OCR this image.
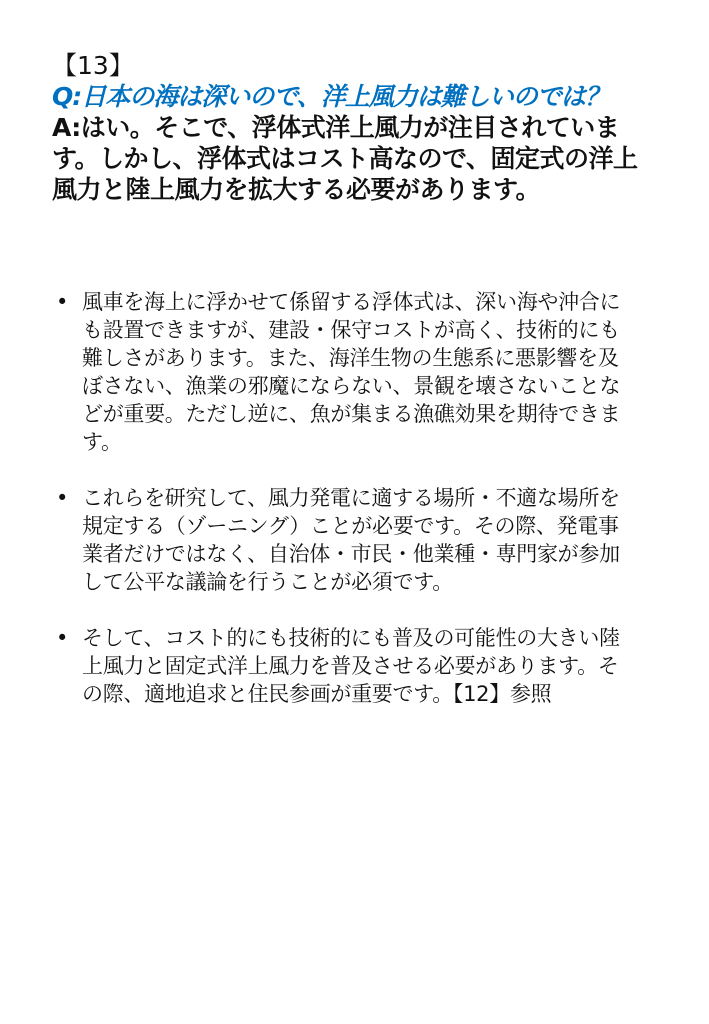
【13】

Q:日本の海は深いので、洋上風力は難しいのでは？

A:はい。そこで、浮体式洋上風力が注目されています。しかし、浮体式はコスト高なので、固定式の洋上風力と陸上風力を拡大する必要があります。

• 風車を海上に浮かせて係留する浮体式は、深い海や沖合にも設置できますが、建設・保守コストが高く、技術的にも難しさがあります。また、海洋生物の生態系に悪影響を及ぼさない、漁業の邪魔にならない、景観を壊さないことなどが重要。ただし逆に、魚が集まる漁礁効果を期待できます。
• これらを研究して、風力発電に適する場所・不適な場所を規定する（ゾーニング）ことが必要です。その際、発電事業者だけではなく、自治体・市民・他業種・専門家が参加して公平な議論を行うことが必須です。
• そして、コスト的にも技術的にも普及の可能性の大きい陸上風力と固定式洋上風力を普及させる必要があります。その際、適地追求と住民参画が重要です。【12】参照
